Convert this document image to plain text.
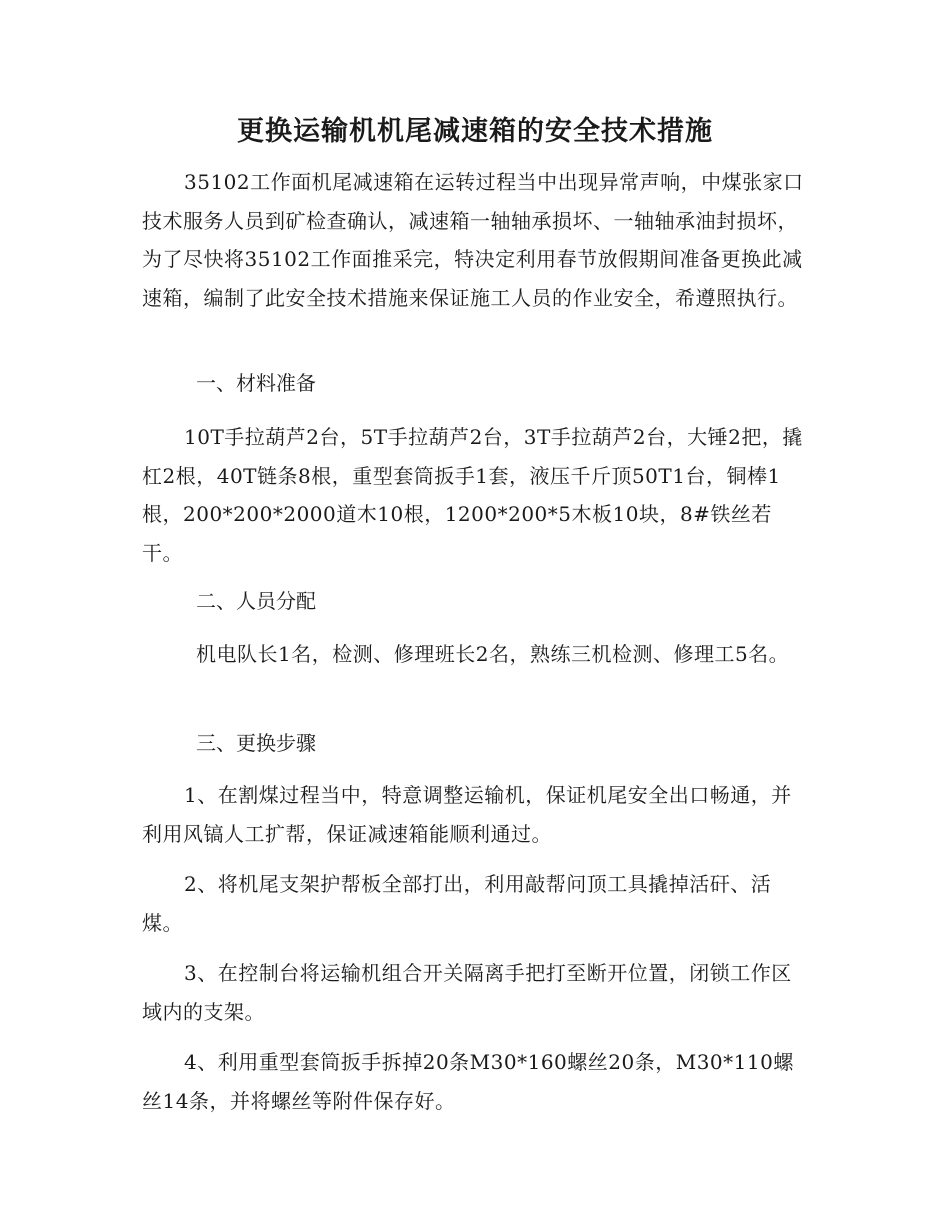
更换运输机机尾减速箱的安全技术措施
35102工作面机尾减速箱在运转过程当中出现异常声响，中煤张家口技术服务人员到矿检查确认，减速箱一轴轴承损坏、一轴轴承油封损坏，为了尽快将35102工作面推采完，特决定利用春节放假期间准备更换此减速箱，编制了此安全技术措施来保证施工人员的作业安全，希遵照执行。
一、材料准备
10T手拉葫芦2台，5T手拉葫芦2台，3T手拉葫芦2台，大锤2把，撬杠2根，40T链条8根，重型套筒扳手1套，液压千斤顶50T1台，铜棒1根，200*200*2000道木10根，1200*200*5木板10块，8#铁丝若干。
二、人员分配
机电队长1名，检测、修理班长2名，熟练三机检测、修理工5名。
三、更换步骤
1、在割煤过程当中，特意调整运输机，保证机尾安全出口畅通，并利用风镐人工扩帮，保证减速箱能顺利通过。
2、将机尾支架护帮板全部打出，利用敲帮问顶工具撬掉活矸、活煤。
3、在控制台将运输机组合开关隔离手把打至断开位置，闭锁工作区域内的支架。
4、利用重型套筒扳手拆掉20条M30*160螺丝20条，M30*110螺丝14条，并将螺丝等附件保存好。
